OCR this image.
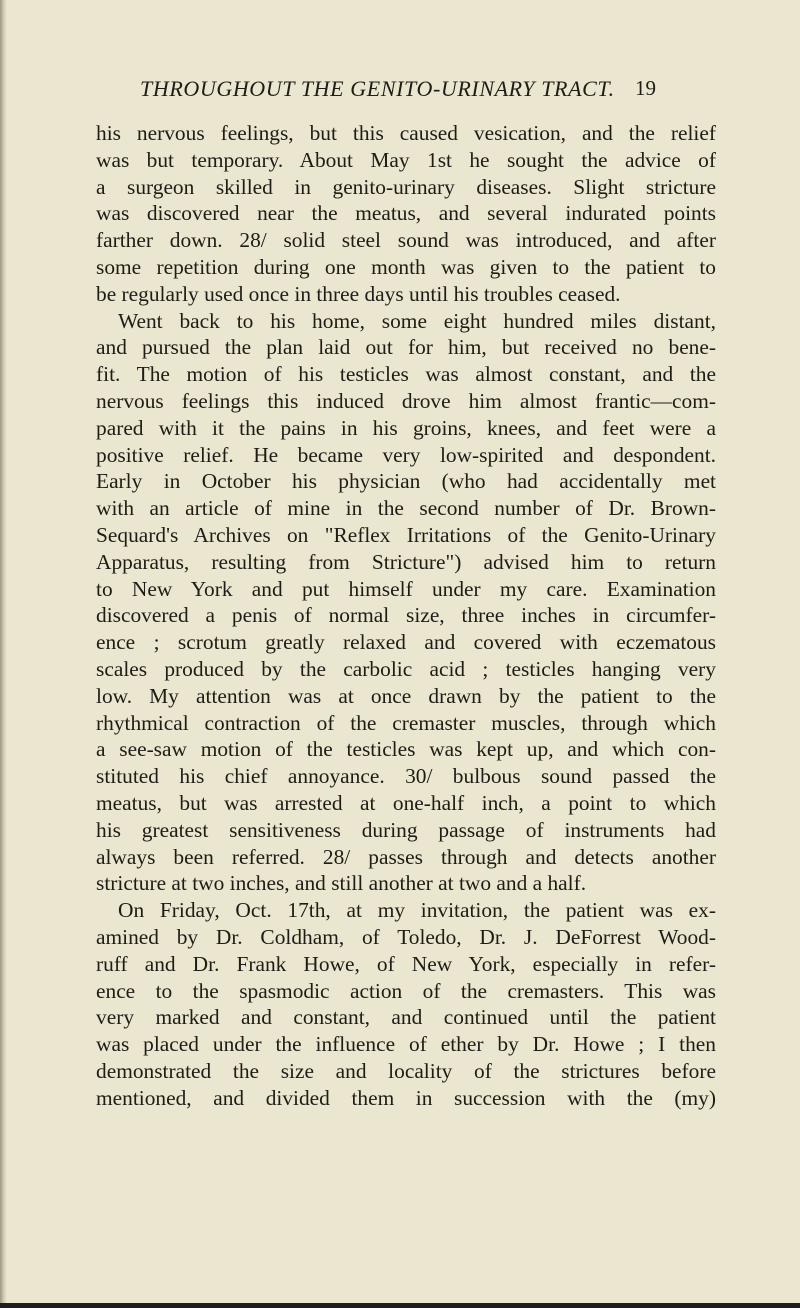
THROUGHOUT THE GENITO-URINARY TRACT. 19
his nervous feelings, but this caused vesication, and the relief
was but temporary. About May 1st he sought the advice of
a surgeon skilled in genito-urinary diseases. Slight stricture
was discovered near the meatus, and several indurated points
farther down. 28/ solid steel sound was introduced, and after
some repetition during one month was given to the patient to
be regularly used once in three days until his troubles ceased.
Went back to his home, some eight hundred miles distant,
and pursued the plan laid out for him, but received no bene-
fit. The motion of his testicles was almost constant, and the
nervous feelings this induced drove him almost frantic—com-
pared with it the pains in his groins, knees, and feet were a
positive relief. He became very low-spirited and despondent.
Early in October his physician (who had accidentally met
with an article of mine in the second number of Dr. Brown-
Sequard's Archives on "Reflex Irritations of the Genito-Urinary
Apparatus, resulting from Stricture") advised him to return
to New York and put himself under my care. Examination
discovered a penis of normal size, three inches in circumfer-
ence ; scrotum greatly relaxed and covered with eczematous
scales produced by the carbolic acid ; testicles hanging very
low. My attention was at once drawn by the patient to the
rhythmical contraction of the cremaster muscles, through which
a see-saw motion of the testicles was kept up, and which con-
stituted his chief annoyance. 30/ bulbous sound passed the
meatus, but was arrested at one-half inch, a point to which
his greatest sensitiveness during passage of instruments had
always been referred. 28/ passes through and detects another
stricture at two inches, and still another at two and a half.
On Friday, Oct. 17th, at my invitation, the patient was ex-
amined by Dr. Coldham, of Toledo, Dr. J. DeForrest Wood-
ruff and Dr. Frank Howe, of New York, especially in refer-
ence to the spasmodic action of the cremasters. This was
very marked and constant, and continued until the patient
was placed under the influence of ether by Dr. Howe ; I then
demonstrated the size and locality of the strictures before
mentioned, and divided them in succession with the (my)
